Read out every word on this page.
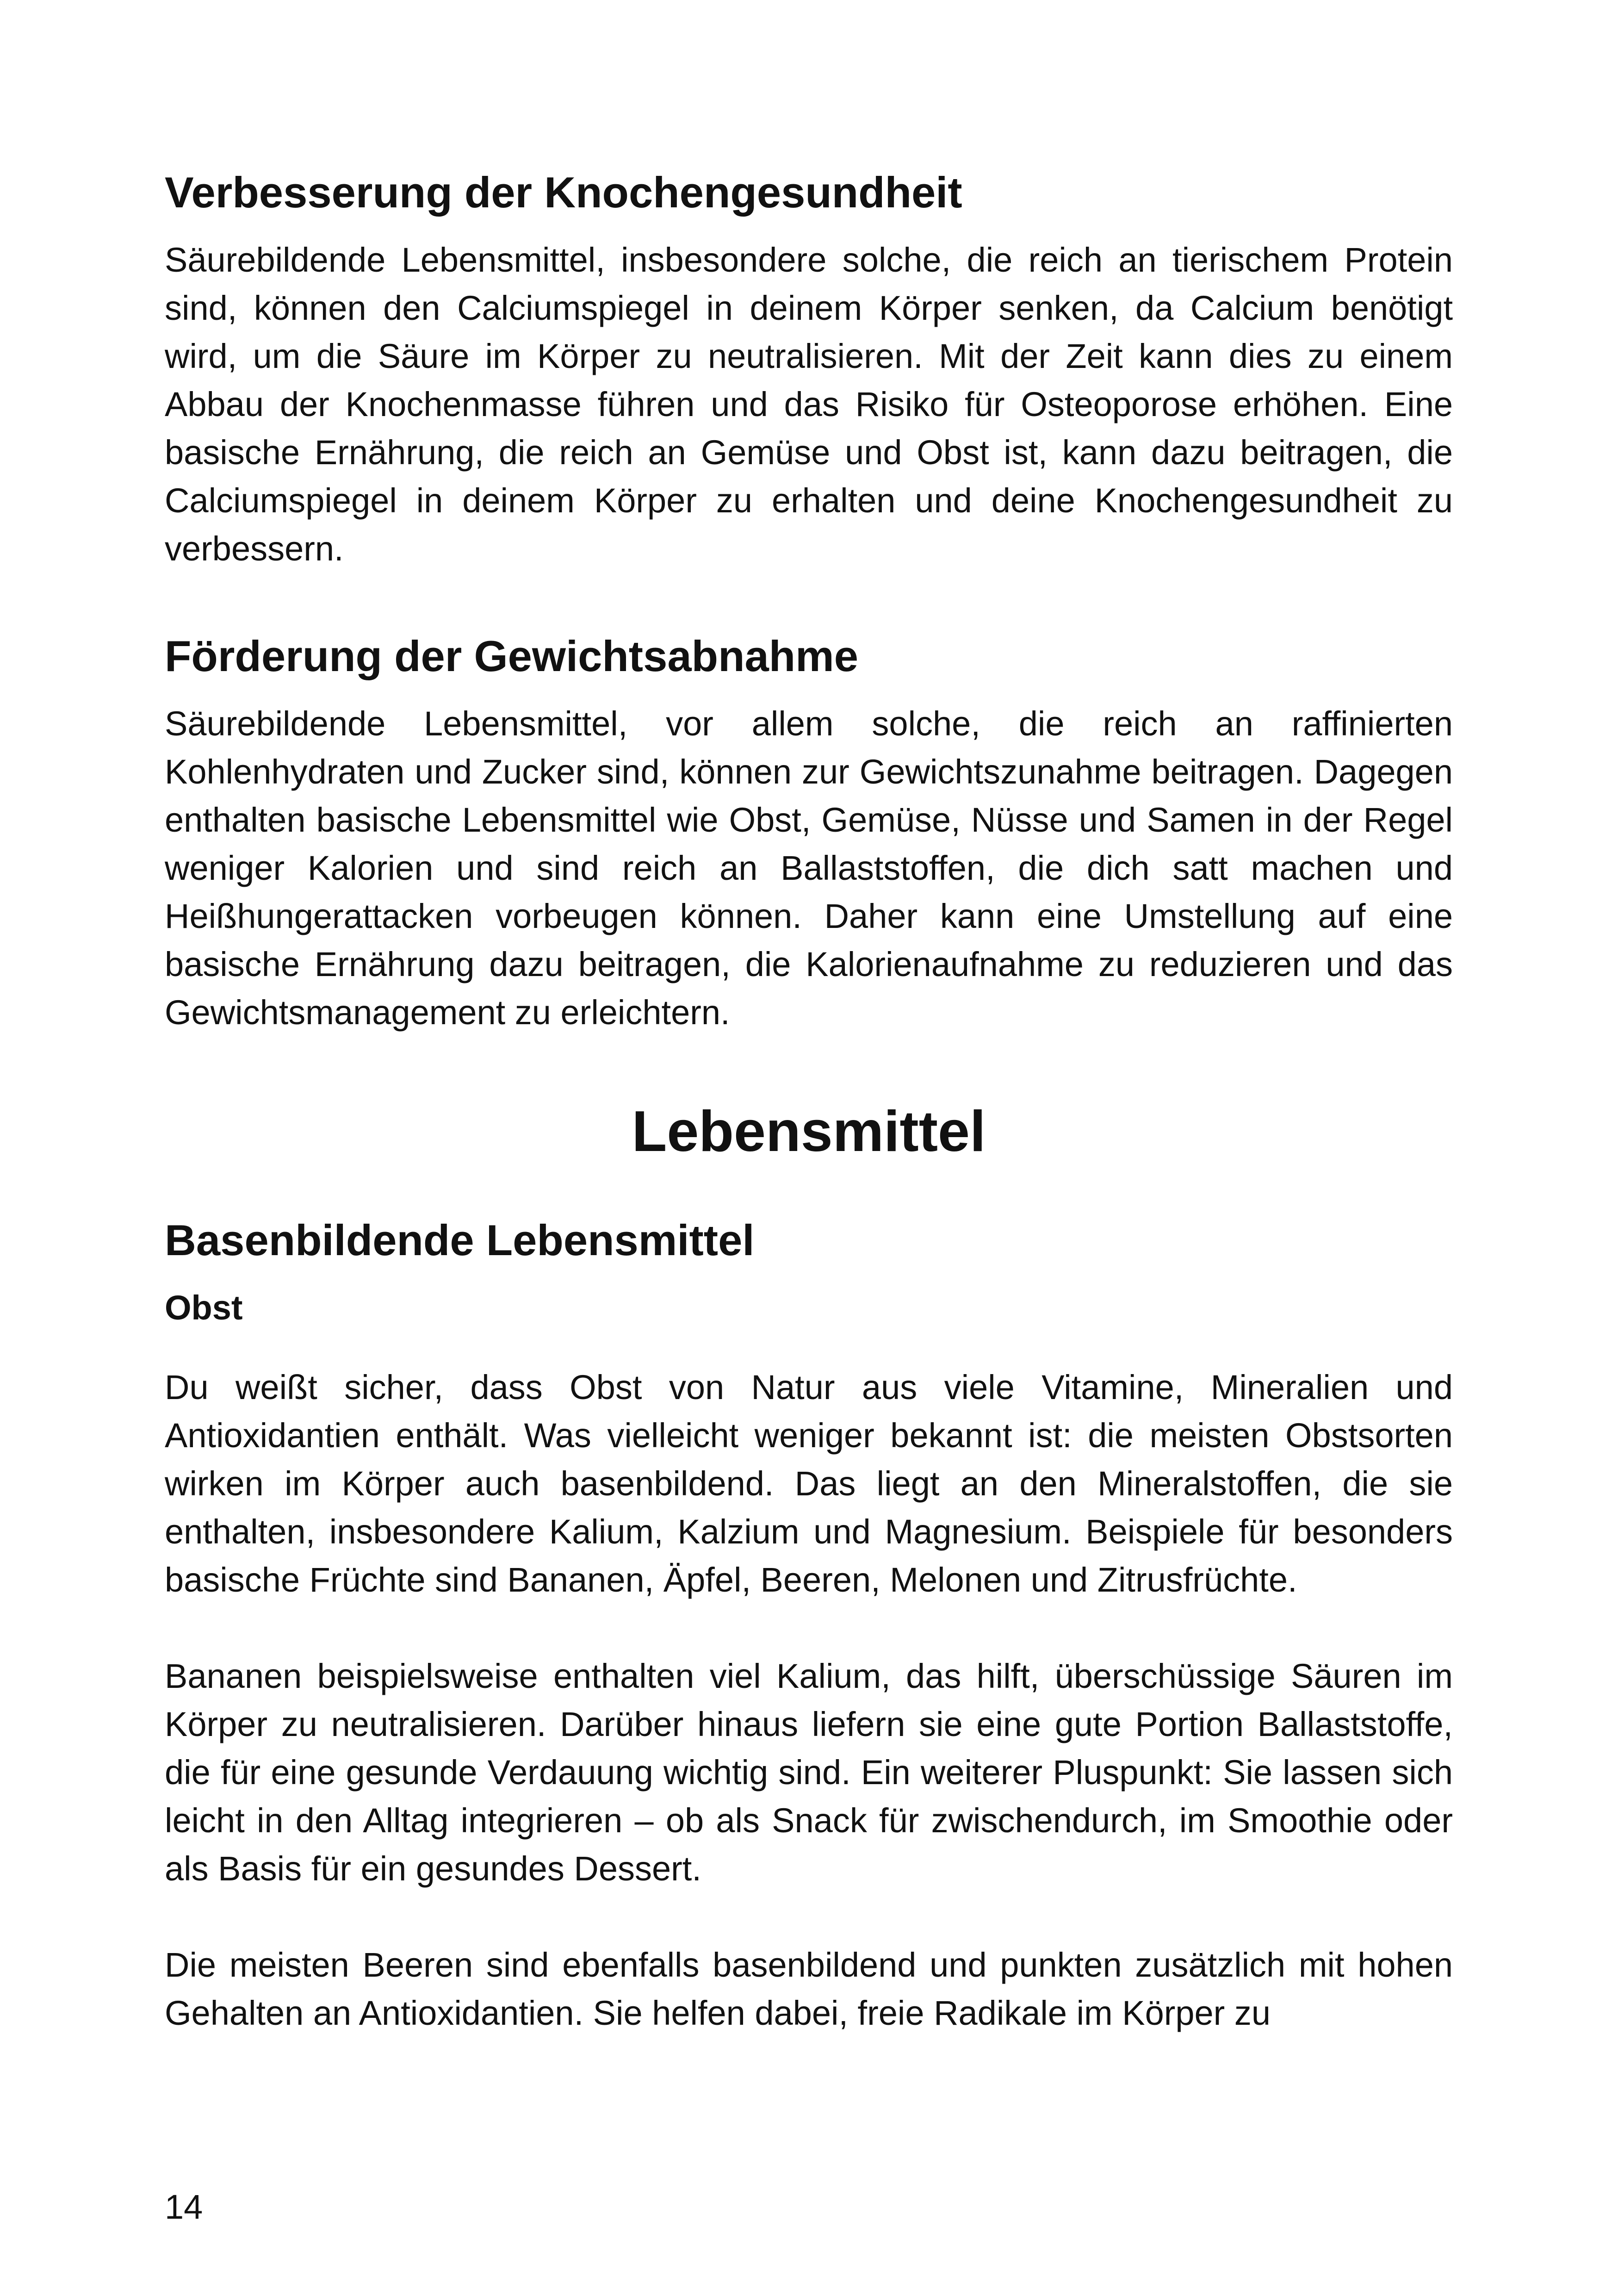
Verbesserung der Knochengesundheit

Säurebildende Lebensmittel, insbesondere solche, die reich an tierischem Protein sind, können den Calciumspiegel in deinem Körper senken, da Calcium benötigt wird, um die Säure im Körper zu neutralisieren. Mit der Zeit kann dies zu einem Abbau der Knochenmasse führen und das Risiko für Osteoporose erhöhen. Eine basische Ernährung, die reich an Gemüse und Obst ist, kann dazu beitragen, die Calciumspiegel in deinem Körper zu erhalten und deine Knochengesundheit zu verbessern.

Förderung der Gewichtsabnahme

Säurebildende Lebensmittel, vor allem solche, die reich an raffinierten Kohlenhydraten und Zucker sind, können zur Gewichtszunahme beitragen. Dagegen enthalten basische Lebensmittel wie Obst, Gemüse, Nüsse und Samen in der Regel weniger Kalorien und sind reich an Ballaststoffen, die dich satt machen und Heißhungerattacken vorbeugen können. Daher kann eine Umstellung auf eine basische Ernährung dazu beitragen, die Kalorienaufnahme zu reduzieren und das Gewichtsmanagement zu erleichtern.

Lebensmittel
Basenbildende Lebensmittel
Obst

Du weißt sicher, dass Obst von Natur aus viele Vitamine, Mineralien und Antioxidantien enthält. Was vielleicht weniger bekannt ist: die meisten Obstsorten wirken im Körper auch basenbildend. Das liegt an den Mineralstoffen, die sie enthalten, insbesondere Kalium, Kalzium und Magnesium. Beispiele für besonders basische Früchte sind Bananen, Äpfel, Beeren, Melonen und Zitrusfrüchte.

Bananen beispielsweise enthalten viel Kalium, das hilft, überschüssige Säuren im Körper zu neutralisieren. Darüber hinaus liefern sie eine gute Portion Ballaststoffe, die für eine gesunde Verdauung wichtig sind. Ein weiterer Pluspunkt: Sie lassen sich leicht in den Alltag integrieren – ob als Snack für zwischendurch, im Smoothie oder als Basis für ein gesundes Dessert.

Die meisten Beeren sind ebenfalls basenbildend und punkten zusätzlich mit hohen Gehalten an Antioxidantien. Sie helfen dabei, freie Radikale im Körper zu

14
